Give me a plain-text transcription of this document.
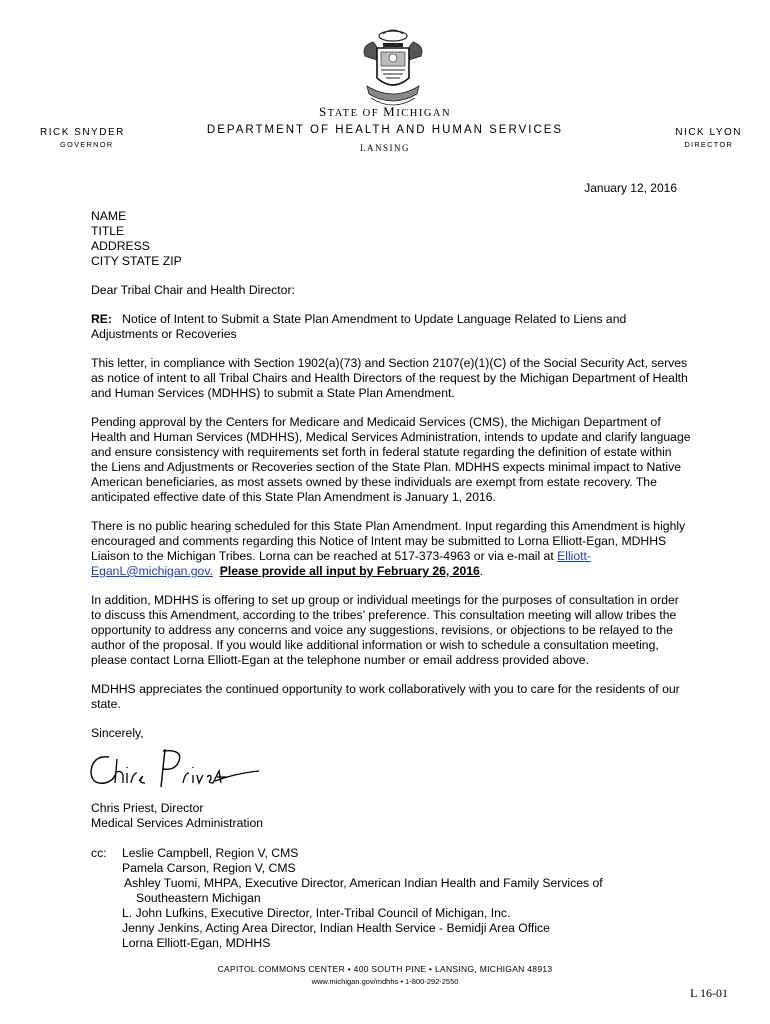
STATE OF MICHIGAN
DEPARTMENT OF HEALTH AND HUMAN SERVICES
LANSING
RICK SNYDER
GOVERNOR
NICK LYON
DIRECTOR
January 12, 2016

NAME
TITLE
ADDRESS
CITY STATE ZIP

Dear Tribal Chair and Health Director:

RE: Notice of Intent to Submit a State Plan Amendment to Update Language Related to Liens and Adjustments or Recoveries

This letter, in compliance with Section 1902(a)(73) and Section 2107(e)(1)(C) of the Social Security Act, serves as notice of intent to all Tribal Chairs and Health Directors of the request by the Michigan Department of Health and Human Services (MDHHS) to submit a State Plan Amendment.

Pending approval by the Centers for Medicare and Medicaid Services (CMS), the Michigan Department of Health and Human Services (MDHHS), Medical Services Administration, intends to update and clarify language and ensure consistency with requirements set forth in federal statute regarding the definition of estate within the Liens and Adjustments or Recoveries section of the State Plan. MDHHS expects minimal impact to Native American beneficiaries, as most assets owned by these individuals are exempt from estate recovery. The anticipated effective date of this State Plan Amendment is January 1, 2016.

There is no public hearing scheduled for this State Plan Amendment. Input regarding this Amendment is highly encouraged and comments regarding this Notice of Intent may be submitted to Lorna Elliott-Egan, MDHHS Liaison to the Michigan Tribes. Lorna can be reached at 517-373-4963 or via e-mail at Elliott-EganL@michigan.gov. Please provide all input by February 26, 2016.

In addition, MDHHS is offering to set up group or individual meetings for the purposes of consultation in order to discuss this Amendment, according to the tribes’ preference. This consultation meeting will allow tribes the opportunity to address any concerns and voice any suggestions, revisions, or objections to be relayed to the author of the proposal. If you would like additional information or wish to schedule a consultation meeting, please contact Lorna Elliott-Egan at the telephone number or email address provided above.

MDHHS appreciates the continued opportunity to work collaboratively with you to care for the residents of our state.

Sincerely,
Chris Priest, Director
Medical Services Administration
cc:	Leslie Campbell, Region V, CMS
Pamela Carson, Region V, CMS
Ashley Tuomi, MHPA, Executive Director, American Indian Health and Family Services of
Southeastern Michigan
L. John Lufkins, Executive Director, Inter-Tribal Council of Michigan, Inc.
Jenny Jenkins, Acting Area Director, Indian Health Service - Bemidji Area Office
Lorna Elliott-Egan, MDHHS
CAPITOL COMMONS CENTER • 400 SOUTH PINE • LANSING, MICHIGAN 48913
www.michigan.gov/mdhhs • 1-800-292-2550
L 16-01
